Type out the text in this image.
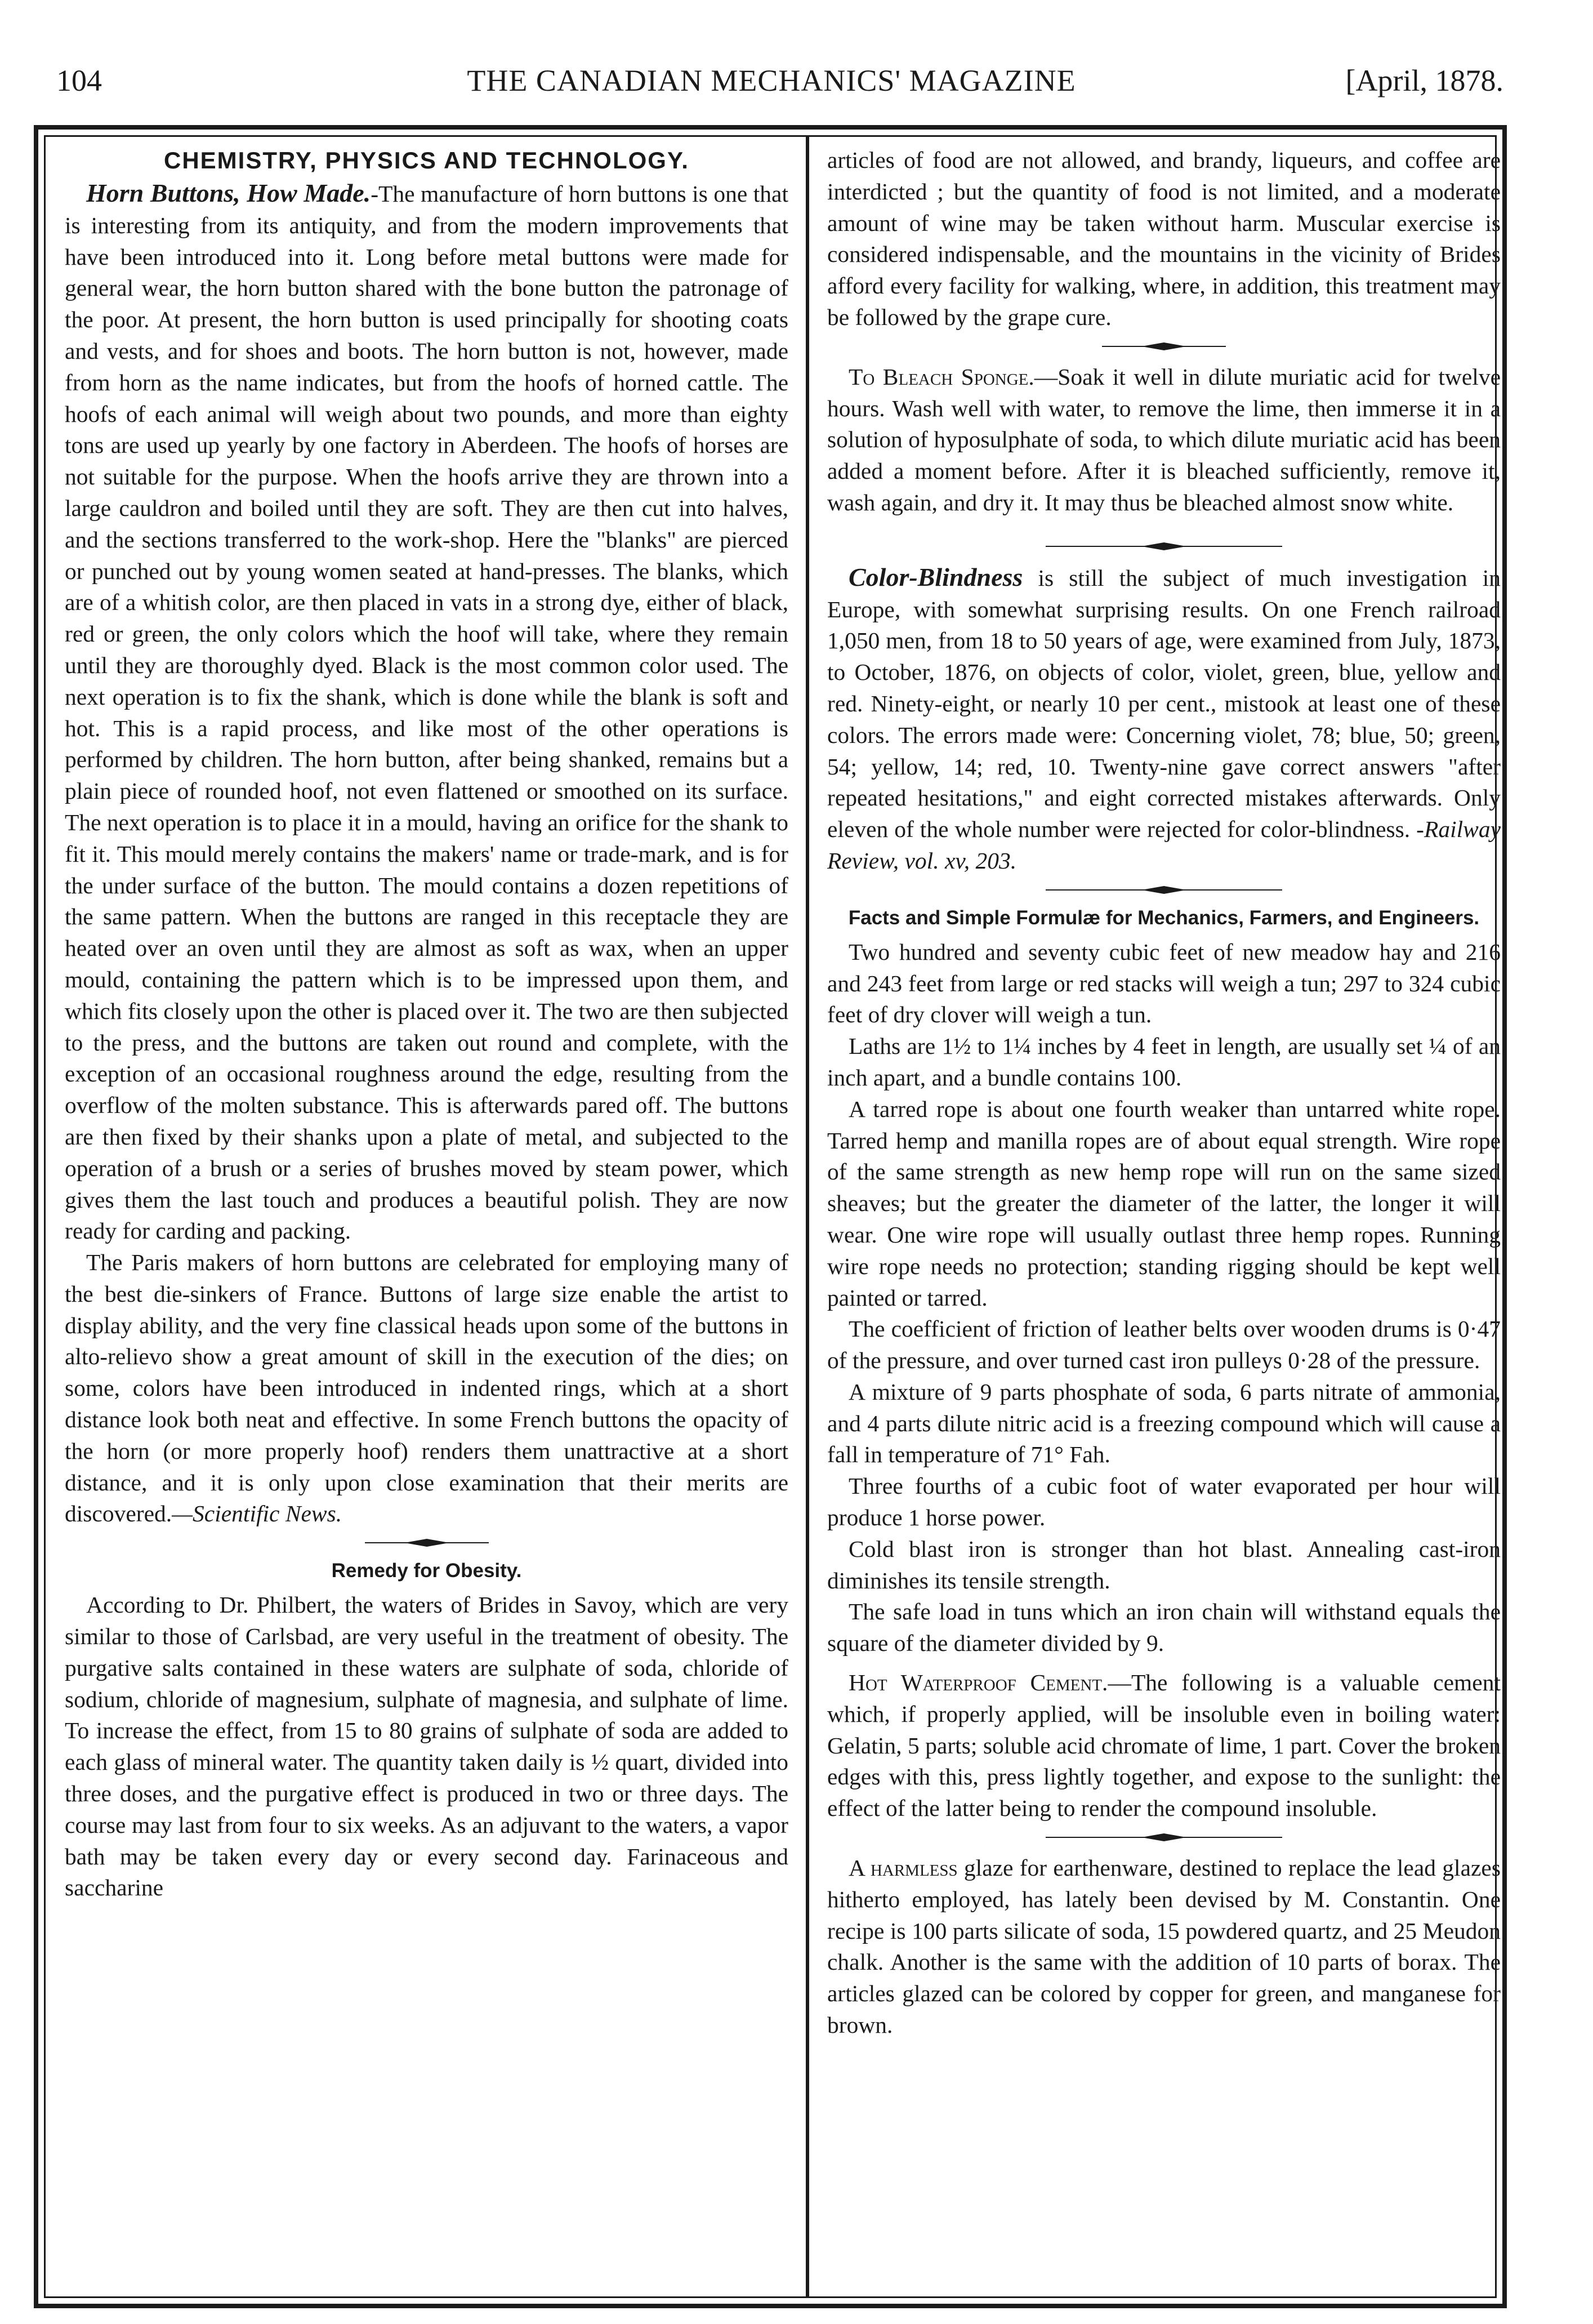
104	THE CANADIAN MECHANICS' MAGAZINE	[April, 1878.
CHEMISTRY, PHYSICS AND TECHNOLOGY.

Horn Buttons, How Made.-The manufacture of horn buttons is one that is interesting from its antiquity, and from the modern improvements that have been introduced into it. Long before metal buttons were made for general wear, the horn button shared with the bone button the patronage of the poor. At present, the horn button is used principally for shooting coats and vests, and for shoes and boots. The horn button is not, however, made from horn as the name indicates, but from the hoofs of horned cattle. The hoofs of each animal will weigh about two pounds, and more than eighty tons are used up yearly by one factory in Aberdeen. The hoofs of horses are not suitable for the purpose. When the hoofs arrive they are thrown into a large cauldron and boiled until they are soft. They are then cut into halves, and the sections transferred to the work-shop. Here the "blanks" are pierced or punched out by young women seated at hand-presses. The blanks, which are of a whitish color, are then placed in vats in a strong dye, either of black, red or green, the only colors which the hoof will take, where they remain until they are thoroughly dyed. Black is the most common color used. The next operation is to fix the shank, which is done while the blank is soft and hot. This is a rapid process, and like most of the other operations is performed by children. The horn button, after being shanked, remains but a plain piece of rounded hoof, not even flattened or smoothed on its surface. The next operation is to place it in a mould, having an orifice for the shank to fit it. This mould merely contains the makers' name or trade-mark, and is for the under surface of the button. The mould contains a dozen repetitions of the same pattern. When the buttons are ranged in this receptacle they are heated over an oven until they are almost as soft as wax, when an upper mould, containing the pattern which is to be impressed upon them, and which fits closely upon the other is placed over it. The two are then subjected to the press, and the buttons are taken out round and complete, with the exception of an occasional roughness around the edge, resulting from the overflow of the molten substance. This is afterwards pared off. The buttons are then fixed by their shanks upon a plate of metal, and subjected to the operation of a brush or a series of brushes moved by steam power, which gives them the last touch and produces a beautiful polish. They are now ready for carding and packing.

The Paris makers of horn buttons are celebrated for employing many of the best die-sinkers of France. Buttons of large size enable the artist to display ability, and the very fine classical heads upon some of the buttons in alto-relievo show a great amount of skill in the execution of the dies; on some, colors have been introduced in indented rings, which at a short distance look both neat and effective. In some French buttons the opacity of the horn (or more properly hoof) renders them unattractive at a short distance, and it is only upon close examination that their merits are discovered.—Scientific News.

Remedy for Obesity.

According to Dr. Philbert, the waters of Brides in Savoy, which are very similar to those of Carlsbad, are very useful in the treatment of obesity. The purgative salts contained in these waters are sulphate of soda, chloride of sodium, chloride of magnesium, sulphate of magnesia, and sulphate of lime. To increase the effect, from 15 to 80 grains of sulphate of soda are added to each glass of mineral water. The quantity taken daily is ½ quart, divided into three doses, and the purgative effect is produced in two or three days. The course may last from four to six weeks. As an adjuvant to the waters, a vapor bath may be taken every day or every second day. Farinaceous and saccharine

articles of food are not allowed, and brandy, liqueurs, and coffee are interdicted ; but the quantity of food is not limited, and a moderate amount of wine may be taken without harm. Muscular exercise is considered indispensable, and the mountains in the vicinity of Brides afford every facility for walking, where, in addition, this treatment may be followed by the grape cure.

To Bleach Sponge.—Soak it well in dilute muriatic acid for twelve hours. Wash well with water, to remove the lime, then immerse it in a solution of hyposulphate of soda, to which dilute muriatic acid has been added a moment before. After it is bleached sufficiently, remove it, wash again, and dry it. It may thus be bleached almost snow white.

Color-Blindness is still the subject of much investigation in Europe, with somewhat surprising results. On one French railroad 1,050 men, from 18 to 50 years of age, were examined from July, 1873, to October, 1876, on objects of color, violet, green, blue, yellow and red. Ninety-eight, or nearly 10 per cent., mistook at least one of these colors. The errors made were: Concerning violet, 78; blue, 50; green, 54; yellow, 14; red, 10. Twenty-nine gave correct answers "after repeated hesitations," and eight corrected mistakes afterwards. Only eleven of the whole number were rejected for color-blindness. -Railway Review, vol. xv, 203.

Facts and Simple Formulæ for Mechanics, Farmers, and Engineers.

Two hundred and seventy cubic feet of new meadow hay and 216 and 243 feet from large or red stacks will weigh a tun; 297 to 324 cubic feet of dry clover will weigh a tun.

Laths are 1½ to 1¼ inches by 4 feet in length, are usually set ¼ of an inch apart, and a bundle contains 100.

A tarred rope is about one fourth weaker than untarred white rope. Tarred hemp and manilla ropes are of about equal strength. Wire rope of the same strength as new hemp rope will run on the same sized sheaves; but the greater the diameter of the latter, the longer it will wear. One wire rope will usually outlast three hemp ropes. Running wire rope needs no protection; standing rigging should be kept well painted or tarred.

The coefficient of friction of leather belts over wooden drums is 0·47 of the pressure, and over turned cast iron pulleys 0·28 of the pressure.

A mixture of 9 parts phosphate of soda, 6 parts nitrate of ammonia, and 4 parts dilute nitric acid is a freezing compound which will cause a fall in temperature of 71° Fah.

Three fourths of a cubic foot of water evaporated per hour will produce 1 horse power.

Cold blast iron is stronger than hot blast. Annealing cast-iron diminishes its tensile strength.

The safe load in tuns which an iron chain will withstand equals the square of the diameter divided by 9.

Hot Waterproof Cement.—The following is a valuable cement which, if properly applied, will be insoluble even in boiling water: Gelatin, 5 parts; soluble acid chromate of lime, 1 part. Cover the broken edges with this, press lightly together, and expose to the sunlight: the effect of the latter being to render the compound insoluble.

A harmless glaze for earthenware, destined to replace the lead glazes hitherto employed, has lately been devised by M. Constantin. One recipe is 100 parts silicate of soda, 15 powdered quartz, and 25 Meudon chalk. Another is the same with the addition of 10 parts of borax. The articles glazed can be colored by copper for green, and manganese for brown.
